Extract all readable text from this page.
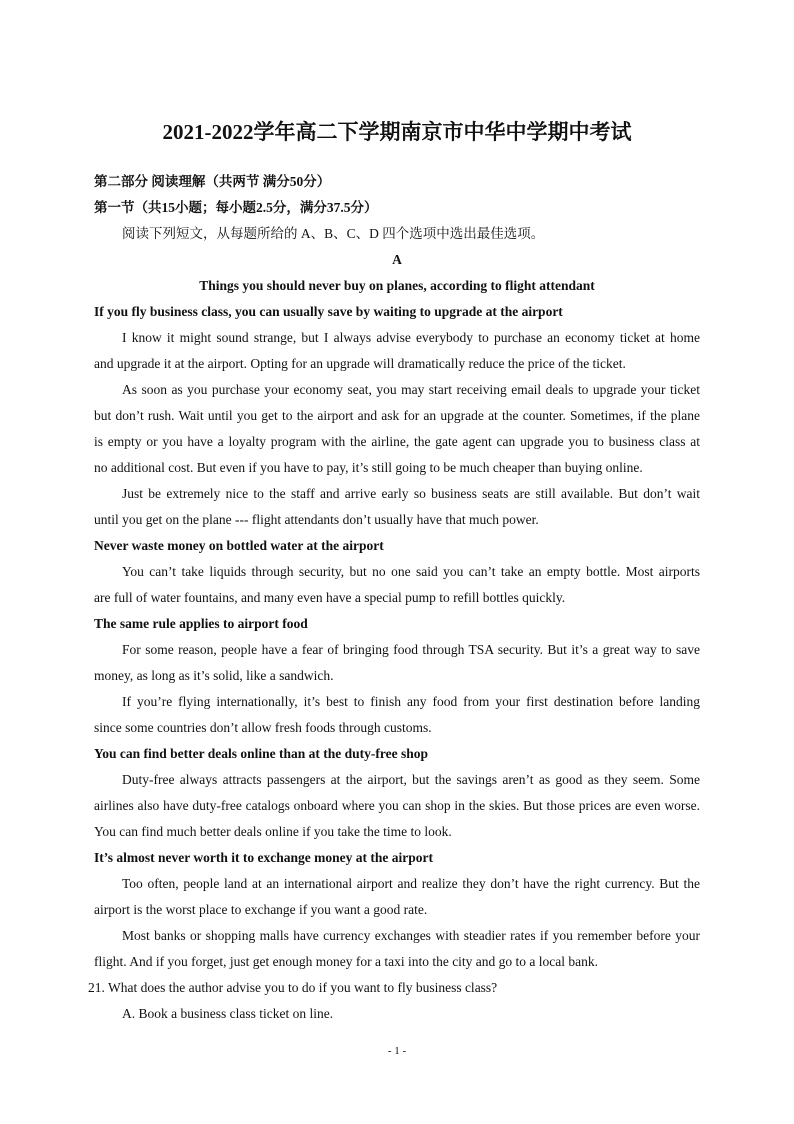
2021-2022学年高二下学期南京市中华中学期中考试
第二部分 阅读理解（共两节 满分50分）
第一节（共15小题；每小题2.5分，满分37.5分）
阅读下列短文，从每题所给的 A、B、C、D 四个选项中选出最佳选项。
A
Things you should never buy on planes, according to flight attendant
If you fly business class, you can usually save by waiting to upgrade at the airport
I know it might sound strange, but I always advise everybody to purchase an economy ticket at home
and upgrade it at the airport. Opting for an upgrade will dramatically reduce the price of the ticket.
As soon as you purchase your economy seat, you may start receiving email deals to upgrade your ticket
but don’t rush. Wait until you get to the airport and ask for an upgrade at the counter. Sometimes, if the plane
is empty or you have a loyalty program with the airline, the gate agent can upgrade you to business class at
no additional cost. But even if you have to pay, it’s still going to be much cheaper than buying online.
Just be extremely nice to the staff and arrive early so business seats are still available. But don’t wait
until you get on the plane --- flight attendants don’t usually have that much power.
Never waste money on bottled water at the airport
You can’t take liquids through security, but no one said you can’t take an empty bottle. Most airports
are full of water fountains, and many even have a special pump to refill bottles quickly.
The same rule applies to airport food
For some reason, people have a fear of bringing food through TSA security. But it’s a great way to save
money, as long as it’s solid, like a sandwich.
If you’re flying internationally, it’s best to finish any food from your first destination before landing
since some countries don’t allow fresh foods through customs.
You can find better deals online than at the duty-free shop
Duty-free always attracts passengers at the airport, but the savings aren’t as good as they seem. Some
airlines also have duty-free catalogs onboard where you can shop in the skies. But those prices are even worse.
You can find much better deals online if you take the time to look.
It’s almost never worth it to exchange money at the airport
Too often, people land at an international airport and realize they don’t have the right currency. But the
airport is the worst place to exchange if you want a good rate.
Most banks or shopping malls have currency exchanges with steadier rates if you remember before your
flight. And if you forget, just get enough money for a taxi into the city and go to a local bank.
21. What does the author advise you to do if you want to fly business class?
A. Book a business class ticket on line.
- 1 -
